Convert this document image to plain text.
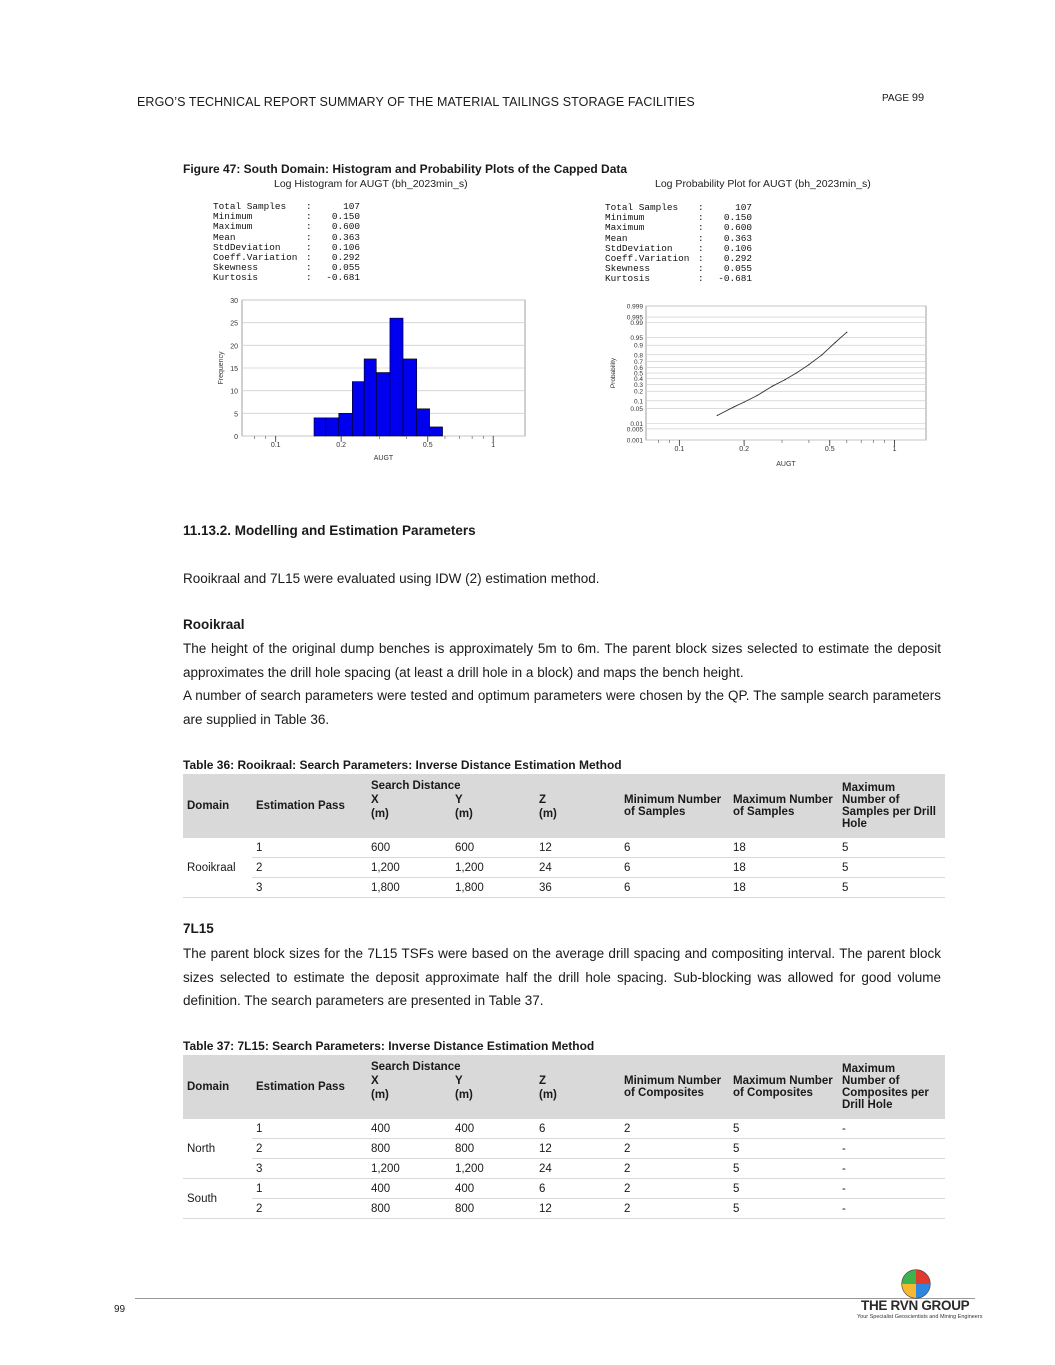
ERGO’S TECHNICAL REPORT SUMMARY OF THE MATERIAL TAILINGS STORAGE FACILITIES	PAGE 99
Figure 47: South Domain: Histogram and Probability Plots of the Capped Data
Log Histogram for AUGT (bh_2023min_s)	Log Probability Plot for AUGT (bh_2023min_s)
Total Samples	:	107
Minimum	:	0.150
Maximum	:	0.600
Mean	:	0.363
StdDeviation	:	0.106
Coeff.Variation :	0.292
Skewness	:	0.055
Kurtosis	:	-0.681
Total Samples	:	107
Minimum	:	0.150
Maximum	:	0.600
Mean	:	0.363
StdDeviation	:	0.106
Coeff.Variation :	0.292
Skewness	:	0.055
Kurtosis	:	-0.681
0
5
10
15
20
25
30
0.1	0.2	0.5	1
AUGT
Frequency
0.001
0.005
0.01
0.05
0.1
0.2
0.3
0.4
0.5
0.6
0.7
0.8
0.9
0.95
0.99
0.995
0.999
0.1	0.2	0.5	1
AUGT
Probability
11.13.2. Modelling and Estimation Parameters

Rooikraal and 7L15 were evaluated using IDW (2) estimation method.

Rooikraal

The height of the original dump benches is approximately 5m to 6m. The parent block sizes selected to estimate the deposit approximates the drill hole spacing (at least a drill hole in a block) and maps the bench height.

A number of search parameters were tested and optimum parameters were chosen by the QP. The sample search parameters are supplied in Table 36.

Table 36: Rooikraal: Search Parameters: Inverse Distance Estimation Method
Domain	Estimation Pass	Search Distance			Minimum Number of Samples	Maximum Number of Samples	Maximum Number of Samples per Drill Hole
		X	Y	Z			
		(m)	(m)	(m)			
Rooikraal	1	600	600	12	6	18	5
	2	1,200	1,200	24	6	18	5
	3	1,800	1,800	36	6	18	5

7L15

The parent block sizes for the 7L15 TSFs were based on the average drill spacing and compositing interval. The parent block sizes selected to estimate the deposit approximate half the drill hole spacing. Sub-blocking was allowed for good volume definition. The search parameters are presented in Table 37.

Table 37: 7L15: Search Parameters: Inverse Distance Estimation Method
Domain	Estimation Pass	Search Distance			Minimum Number of Composites	Maximum Number of Composites	Maximum Number of Composites per Drill Hole
		X	Y	Z			
		(m)	(m)	(m)			
North	1	400	400	6	2	5	-
	2	800	800	12	2	5	-
	3	1,200	1,200	24	2	5	-
South	1	400	400	6	2	5	-
	2	800	800	12	2	5	-
99	THE RVN GROUP
Your Specialist Geoscientists and Mining Engineers
